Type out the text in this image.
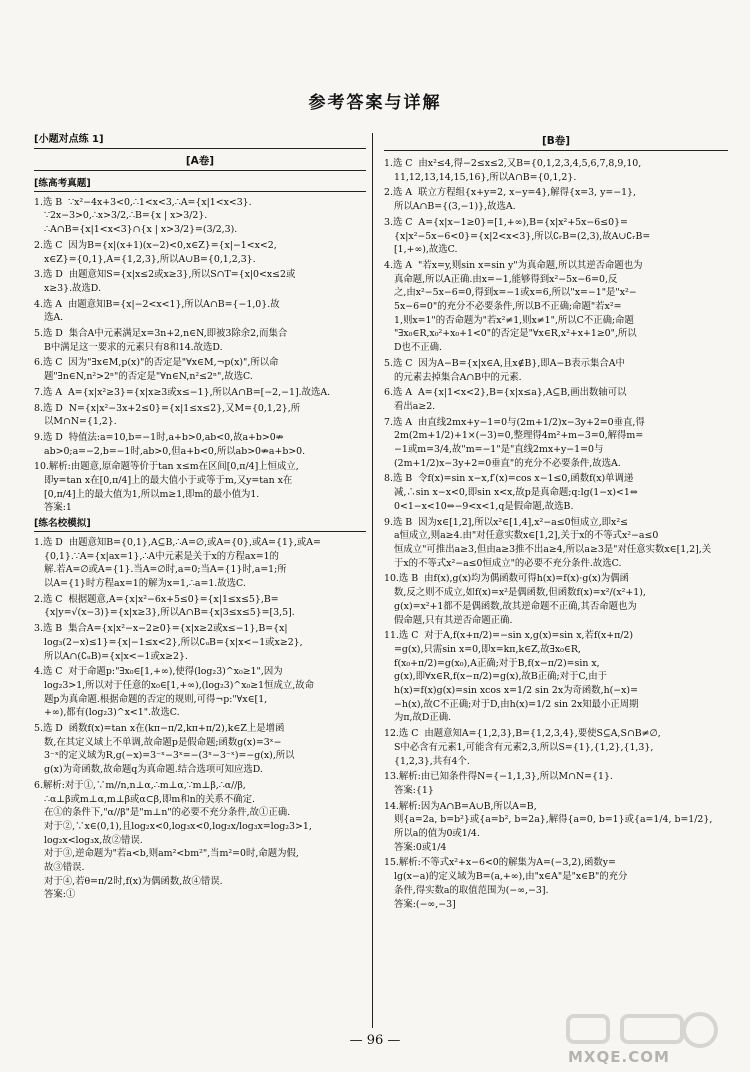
参考答案与详解
[小题对点练 1]
[A卷]
[练高考真题]
1.选 B  ∵x²−4x+3<0,∴1<x<3,∴A={x|1<x<3}.
∵2x−3>0,∴x>3/2,∴B={x | x>3/2}.
∴A∩B={x|1<x<3}∩{x | x>3/2}=(3/2,3).
2.选 C  因为B={x|(x+1)(x−2)<0,x∈Z}={x|−1<x<2,
x∈Z}={0,1},A={1,2,3},所以A∪B={0,1,2,3}.
3.选 D  由题意知S={x|x≤2或x≥3},所以S∩T={x|0<x≤2或
x≥3}.故选D.
4.选 A  由题意知B={x|−2<x<1},所以A∩B={−1,0}.故
选A.
5.选 D  集合A中元素满足x=3n+2,n∈N,即被3除余2,而集合
B中满足这一要求的元素只有8和14.故选D.
6.选 C  因为"∃x∈M,p(x)"的否定是"∀x∈M,¬p(x)",所以命
题"∃n∈N,n²>2ⁿ"的否定是"∀n∈N,n²≤2ⁿ",故选C.
7.选 A  A={x|x²≥3}={x|x≥3或x≤−1},所以A∩B=[−2,−1].故选A.
8.选 D  N={x|x²−3x+2≤0}={x|1≤x≤2},又M={0,1,2},所
以M∩N={1,2}.
9.选 D  特值法:a=10,b=−1时,a+b>0,ab<0,故a+b>0⇏
ab>0;a=−2,b=−1时,ab>0,但a+b<0,所以ab>0⇏a+b>0.
10.解析:由题意,原命题等价于tan x≤m在区间[0,π/4]上恒成立,
即y=tan x在[0,π/4]上的最大值小于或等于m,又y=tan x在
[0,π/4]上的最大值为1,所以m≥1,即m的最小值为1.
答案:1
[练名校模拟]
1.选 D  由题意知B={0,1},A⊆B,∴A=∅,或A={0},或A={1},或A=
{0,1}.∵A={x|ax=1},∴A中元素是关于x的方程ax=1的
解.若A=∅或A={1}.当A=∅时,a=0;当A={1}时,a=1;所
以A={1}时方程ax=1的解为x=1,∴a=1.故选C.
2.选 C  根据题意,A={x|x²−6x+5≤0}={x|1≤x≤5},B=
{x|y=√(x−3)}={x|x≥3},所以A∩B={x|3≤x≤5}=[3,5].
3.选 B  集合A={x|x²−x−2≥0}={x|x≥2或x≤−1},B={x|
log₃(2−x)≤1}={x|−1≤x<2},所以∁ᵤB={x|x<−1或x≥2},
所以A∩(∁ᵤB)={x|x<−1或x≥2}.
4.选 C  对于命题p:"∃x₀∈[1,+∞),使得(log₂3)^x₀≥1",因为
log₂3>1,所以对于任意的x₀∈[1,+∞),(log₂3)^x₀≥1恒成立,故命
题p为真命题.根据命题的否定的规则,可得¬p:"∀x∈[1,
+∞),都有(log₂3)^x<1".故选C.
5.选 D  函数f(x)=tan x在(kπ−π/2,kπ+π/2),k∈Z上是增函
数,在其定义域上不单调,故命题p是假命题;函数g(x)=3ˣ−
3⁻ˣ的定义域为R,g(−x)=3⁻ˣ−3ˣ=−(3ˣ−3⁻ˣ)=−g(x),所以
g(x)为奇函数,故命题q为真命题.结合选项可知应选D.
6.解析:对于①,∵m//n,n⊥α,∴m⊥α,∵m⊥β,∴α//β,
∴α⊥β或m⊥α,m⊥β或α⊂β,即m和n的关系不确定.
在①的条件下,"α//β"是"m⊥n"的必要不充分条件,故①正确.
对于②,∵x∈(0,1),且log₂x<0,log₃x<0,log₂x/log₃x=log₂3>1,
log₂x<log₃x,故②错误.
对于③,逆命题为"若a<b,则am²<bm²",当m²=0时,命题为假,
故③错误.
对于④,若θ=π/2时,f(x)为偶函数,故④错误.
答案:①
[B卷]
1.选 C  由x²≤4,得−2≤x≤2,又B={0,1,2,3,4,5,6,7,8,9,10,
11,12,13,14,15,16},所以A∩B={0,1,2}.
2.选 A  联立方程组{x+y=2, x−y=4},解得{x=3, y=−1},
所以A∩B={(3,−1)},故选A.
3.选 C  A={x|x−1≥0}=[1,+∞),B={x|x²+5x−6≤0}=
{x|x²−5x−6<0}={x|2<x<3},所以∁ᵣB=(2,3),故A∪∁ᵣB=
[1,+∞),故选C.
4.选 A  "若x=y,则sin x=sin y"为真命题,所以其逆否命题也为
真命题,所以A正确.由x=−1,能够得到x²−5x−6=0,反
之,由x²−5x−6=0,得到x=−1或x=6,所以"x=−1"是"x²−
5x−6=0"的充分不必要条件,所以B不正确;命题"若x²=
1,则x=1"的否命题为"若x²≠1,则x≠1",所以C不正确;命题
"∃x₀∈R,x₀²+x₀+1<0"的否定是"∀x∈R,x²+x+1≥0",所以
D也不正确.
5.选 C  因为A−B={x|x∈A,且x∉B},即A−B表示集合A中
的元素去掉集合A∩B中的元素.
6.选 A  A={x|1<x<2},B={x|x≤a},A⊆B,画出数轴可以
看出a≥2.
7.选 A  由直线2mx+y−1=0与(2m+1/2)x−3y+2=0垂直,得
2m(2m+1/2)+1×(−3)=0,整理得4m²+m−3=0,解得m=
−1或m=3/4,故"m=−1"是"直线2mx+y−1=0与
(2m+1/2)x−3y+2=0垂直"的充分不必要条件,故选A.
8.选 B  令f(x)=sin x−x,f′(x)=cos x−1≤0,函数f(x)单调递
减,∴sin x−x<0,即sin x<x,故p是真命题;q:lg(1−x)<1⇔
0<1−x<10⇔−9<x<1,q是假命题,故选B.
9.选 B  因为x∈[1,2],所以x²∈[1,4],x²−a≤0恒成立,即x²≤
a恒成立,则a≥4.由"对任意实数x∈[1,2],关于x的不等式x²−a≤0
恒成立"可推出a≥3,但由a≥3推不出a≥4,所以a≥3是"对任意实数x∈[1,2],关
于x的不等式x²−a≤0恒成立"的必要不充分条件.故选C.
10.选 B  由f(x),g(x)均为偶函数可得h(x)=f(x)·g(x)为偶函
数,反之则不成立,如f(x)=x²是偶函数,但函数f(x)=x²/(x²+1),
g(x)=x²+1都不是偶函数,故其逆命题不正确,其否命题也为
假命题,只有其逆否命题正确.
11.选 C  对于A,f(x+π/2)=−sin x,g(x)=sin x,若f(x+π/2)
=g(x),只需sin x=0,即x=kπ,k∈Z,故∃x₀∈R,
f(x₀+π/2)=g(x₀),A正确;对于B,f(x−π/2)=sin x,
g(x),即∀x∈R,f(x−π/2)=g(x),故B正确;对于C,由于
h(x)=f(x)g(x)=sin xcos x=1/2 sin 2x为奇函数,h(−x)=
−h(x),故C不正确;对于D,由h(x)=1/2 sin 2x知最小正周期
为π,故D正确.
12.选 C  由题意知A={1,2,3},B={1,2,3,4},要使S⊆A,S∩B≠∅,
S中必含有元素1,可能含有元素2,3,所以S={1},{1,2},{1,3},
{1,2,3},共有4个.
13.解析:由已知条件得N={−1,1,3},所以M∩N={1}.
答案:{1}
14.解析:因为A∩B=A∪B,所以A=B,
则{a=2a, b=b²}或{a=b², b=2a},解得{a=0, b=1}或{a=1/4, b=1/2},
所以a的值为0或1/4.
答案:0或1/4
15.解析:不等式x²+x−6<0的解集为A=(−3,2),函数y=
lg(x−a)的定义域为B=(a,+∞),由"x∈A"是"x∈B"的充分
条件,得实数a的取值范围为(−∞,−3].
答案:(−∞,−3]
— 96 —
MXQE.COM
